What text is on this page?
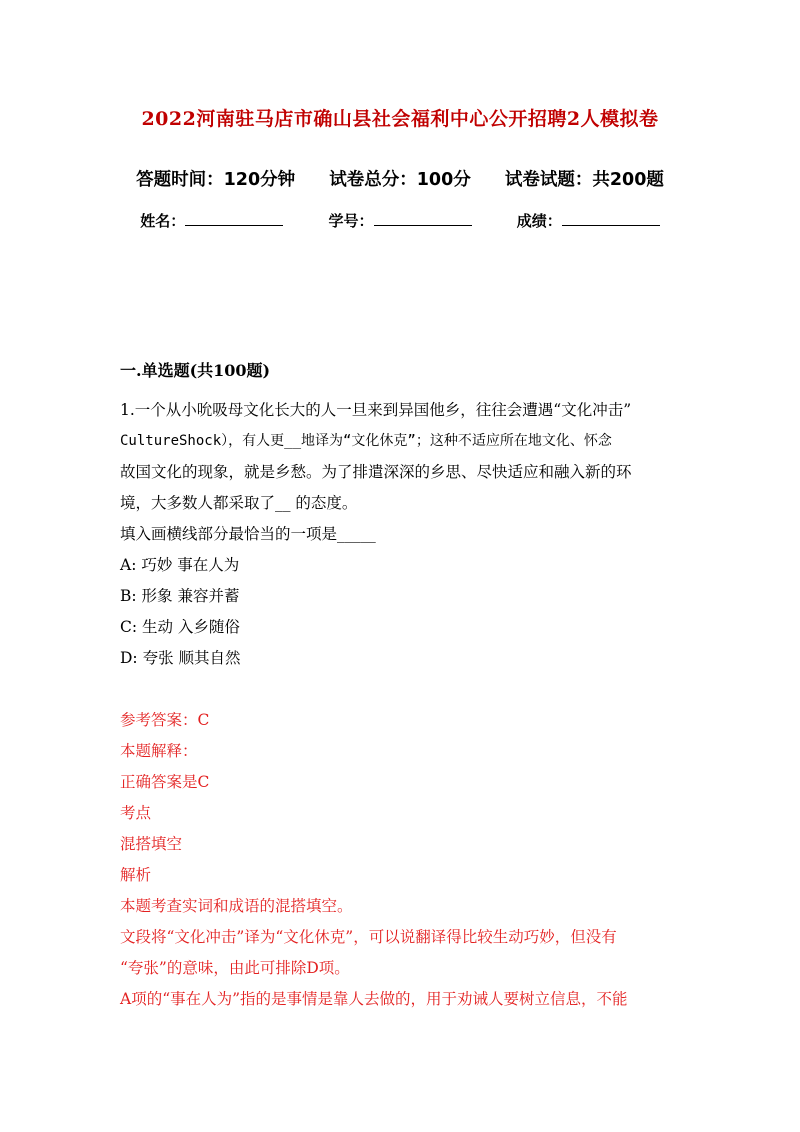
2022河南驻马店市确山县社会福利中心公开招聘2人模拟卷
答题时间：120分钟 试卷总分：100分 试卷试题：共200题
姓名：	学号：	成绩：
一.单选题(共100题)

1.一个从小吮吸母文化长大的人一旦来到异国他乡，往往会遭遇“文化冲击”

CultureShock），有人更__地译为“文化休克”；这种不适应所在地文化、怀念

故国文化的现象，就是乡愁。为了排遣深深的乡思、尽快适应和融入新的环

境，大多数人都采取了__ 的态度。

填入画横线部分最恰当的一项是_____

A: 巧妙 事在人为

B: 形象 兼容并蓄

C: 生动 入乡随俗

D: 夸张 顺其自然

参考答案：C

本题解释：

正确答案是C

考点

混搭填空

解析

本题考查实词和成语的混搭填空。

文段将“文化冲击”译为“文化休克”，可以说翻译得比较生动巧妙，但没有

“夸张”的意味，由此可排除D项。

A项的“事在人为”指的是事情是靠人去做的，用于劝诫人要树立信息，不能
